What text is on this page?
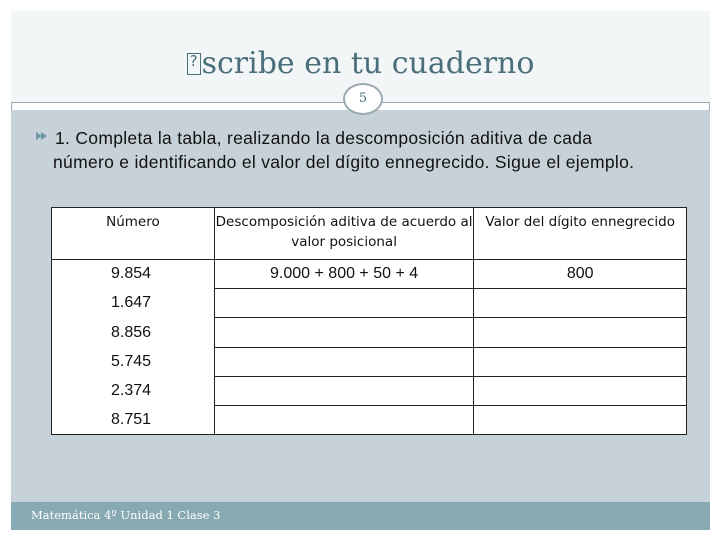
?scribe en tu cuaderno
5
1. Completa la tabla, realizando la descomposición aditiva de cada
número e identificando el valor del dígito ennegrecido. Sigue el ejemplo.
Número	Descomposición aditiva de acuerdo al valor posicional	Valor del dígito ennegrecido
9.854	9.000 + 800 + 50 + 4	800
1.647		
8.856		
5.745		
2.374		
8.751		
Matemática 4º Unidad 1 Clase 3
